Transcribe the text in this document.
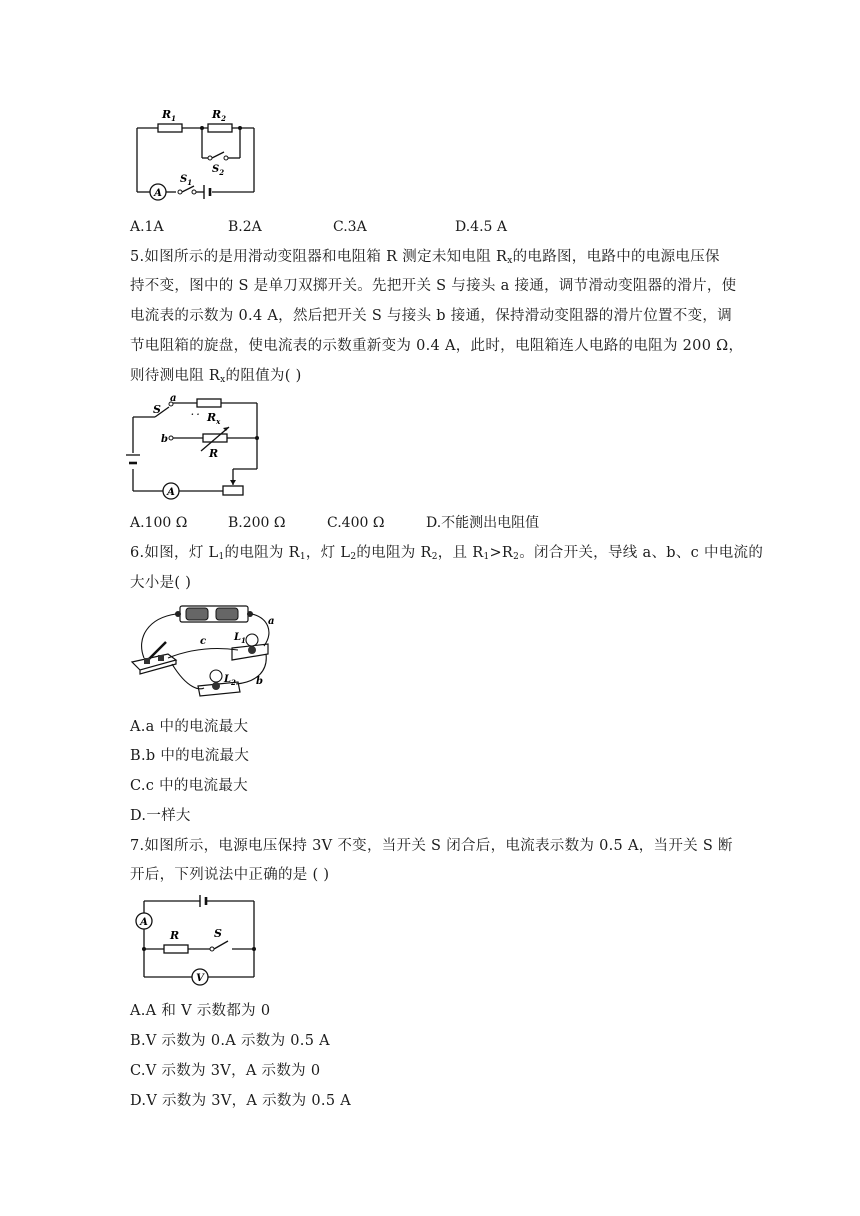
A
$R_1$	$R_2$
$S_2$
$S_1$
A.1A	B.2A	C.3A	D.4.5 A
5.如图所示的是用滑动变阻器和电阻箱 R 测定未知电阻 $R_x$的电路图，电路中的电源电压保
持不变，图中的 S 是单刀双掷开关。先把开关 S 与接头 a 接通，调节滑动变阻器的滑片，使
电流表的示数为 0.4 A，然后把开关 S 与接头 b 接通，保持滑动变阻器的滑片位置不变，调
节电阻箱的旋盘，使电流表的示数重新变为 0.4 A，此时，电阻箱连人电路的电阻为 200 Ω，
则待测电阻 $R_x$的阻值为( )
A
S
a
b
$R_x$
R
· ·
A.100 Ω	B.200 Ω	C.400 Ω	D.不能测出电阻值
6.如图，灯 $L_1$的电阻为 $R_1$，灯 $L_2$的电阻为 $R_2$，且 $R_1>R_2$。闭合开关，导线 a、b、c 中电流的
大小是( )
c
a
b
$L_1$
$L_2$
A.a 中的电流最大
B.b 中的电流最大
C.c 中的电流最大
D.一样大
7.如图所示，电源电压保持 3V 不变，当开关 S 闭合后，电流表示数为 0.5 A，当开关 S 断
开后，下列说法中正确的是 ( )
A
V
R	S
A.A 和 V 示数都为 0
B.V 示数为 0.A 示数为 0.5 A
C.V 示数为 3V，A 示数为 0
D.V 示数为 3V，A 示数为 0.5 A
